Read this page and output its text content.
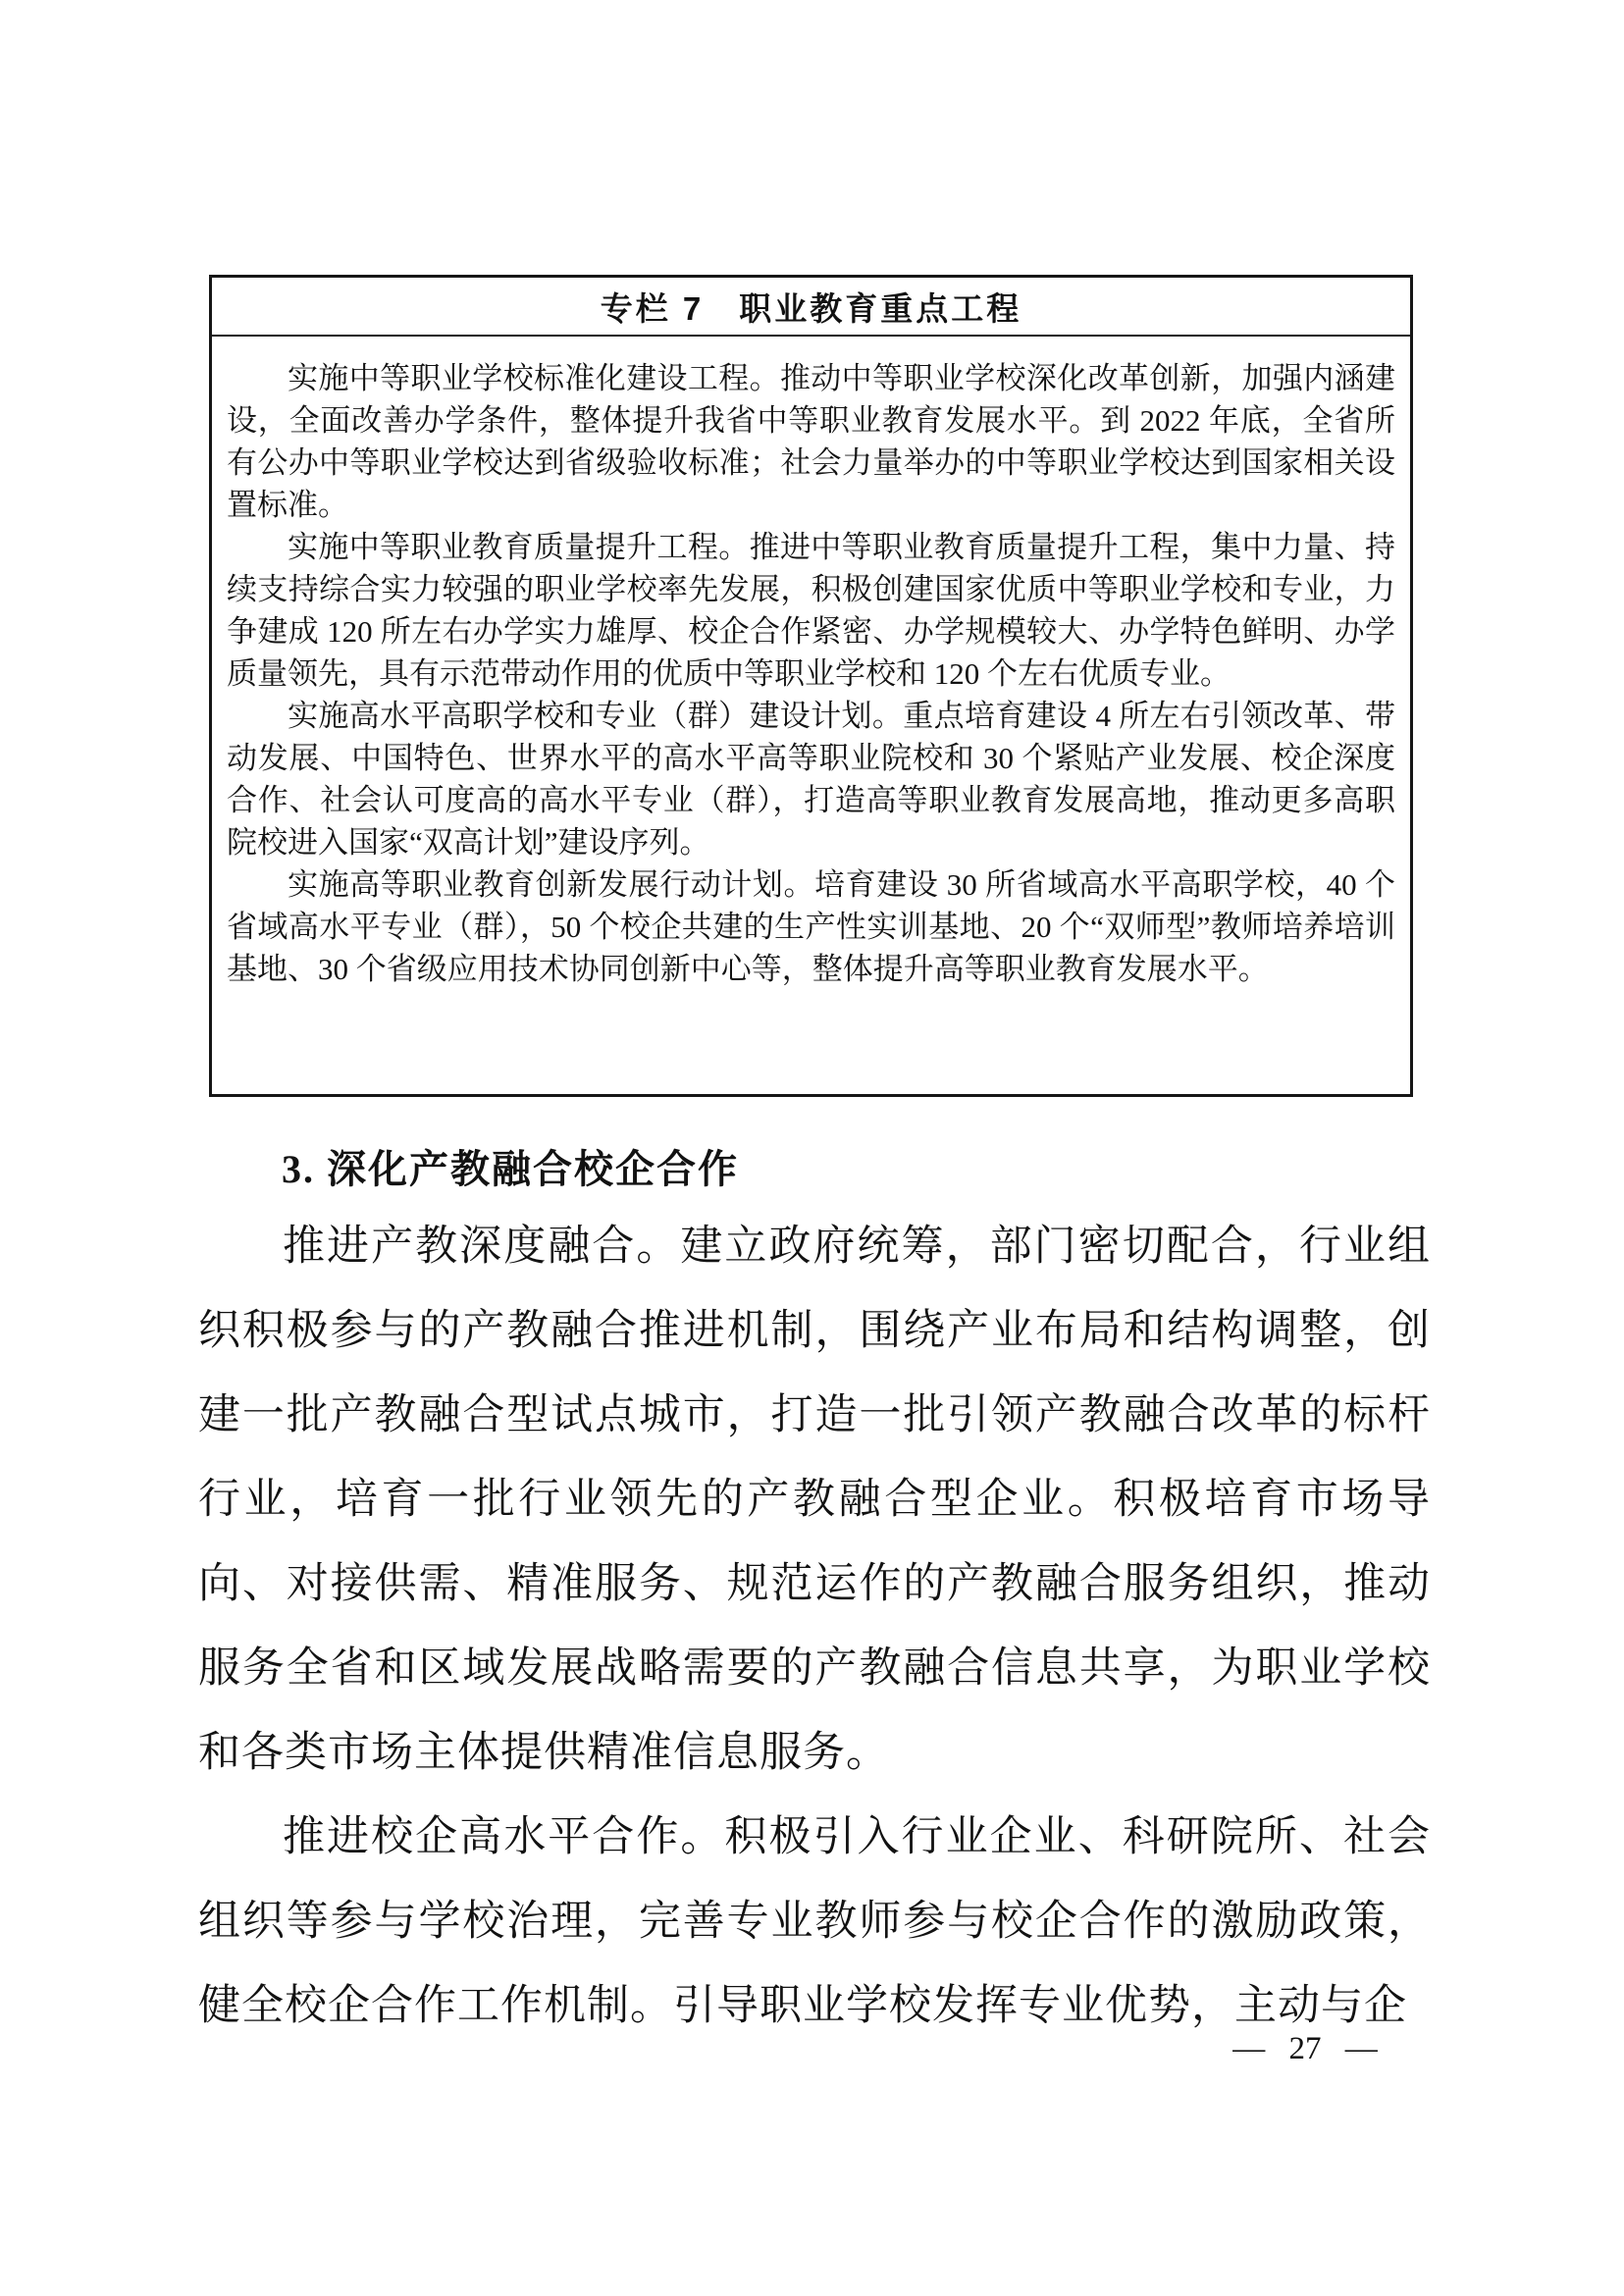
专栏 7　职业教育重点工程

实施中等职业学校标准化建设工程。推动中等职业学校深化改革创新，加强内涵建设，全面改善办学条件，整体提升我省中等职业教育发展水平。到 2022 年底，全省所有公办中等职业学校达到省级验收标准；社会力量举办的中等职业学校达到国家相关设置标准。

实施中等职业教育质量提升工程。推进中等职业教育质量提升工程，集中力量、持续支持综合实力较强的职业学校率先发展，积极创建国家优质中等职业学校和专业，力争建成 120 所左右办学实力雄厚、校企合作紧密、办学规模较大、办学特色鲜明、办学质量领先，具有示范带动作用的优质中等职业学校和 120 个左右优质专业。

实施高水平高职学校和专业（群）建设计划。重点培育建设 4 所左右引领改革、带动发展、中国特色、世界水平的高水平高等职业院校和 30 个紧贴产业发展、校企深度合作、社会认可度高的高水平专业（群），打造高等职业教育发展高地，推动更多高职院校进入国家“双高计划”建设序列。

实施高等职业教育创新发展行动计划。培育建设 30 所省域高水平高职学校，40 个省域高水平专业（群），50 个校企共建的生产性实训基地、20 个“双师型”教师培养培训基地、30 个省级应用技术协同创新中心等，整体提升高等职业教育发展水平。

3. 深化产教融合校企合作

推进产教深度融合。建立政府统筹，部门密切配合，行业组织积极参与的产教融合推进机制，围绕产业布局和结构调整，创建一批产教融合型试点城市，打造一批引领产教融合改革的标杆行业，培育一批行业领先的产教融合型企业。积极培育市场导向、对接供需、精准服务、规范运作的产教融合服务组织，推动服务全省和区域发展战略需要的产教融合信息共享，为职业学校和各类市场主体提供精准信息服务。

推进校企高水平合作。积极引入行业企业、科研院所、社会组织等参与学校治理，完善专业教师参与校企合作的激励政策，健全校企合作工作机制。引导职业学校发挥专业优势，主动与企

— 27 —
